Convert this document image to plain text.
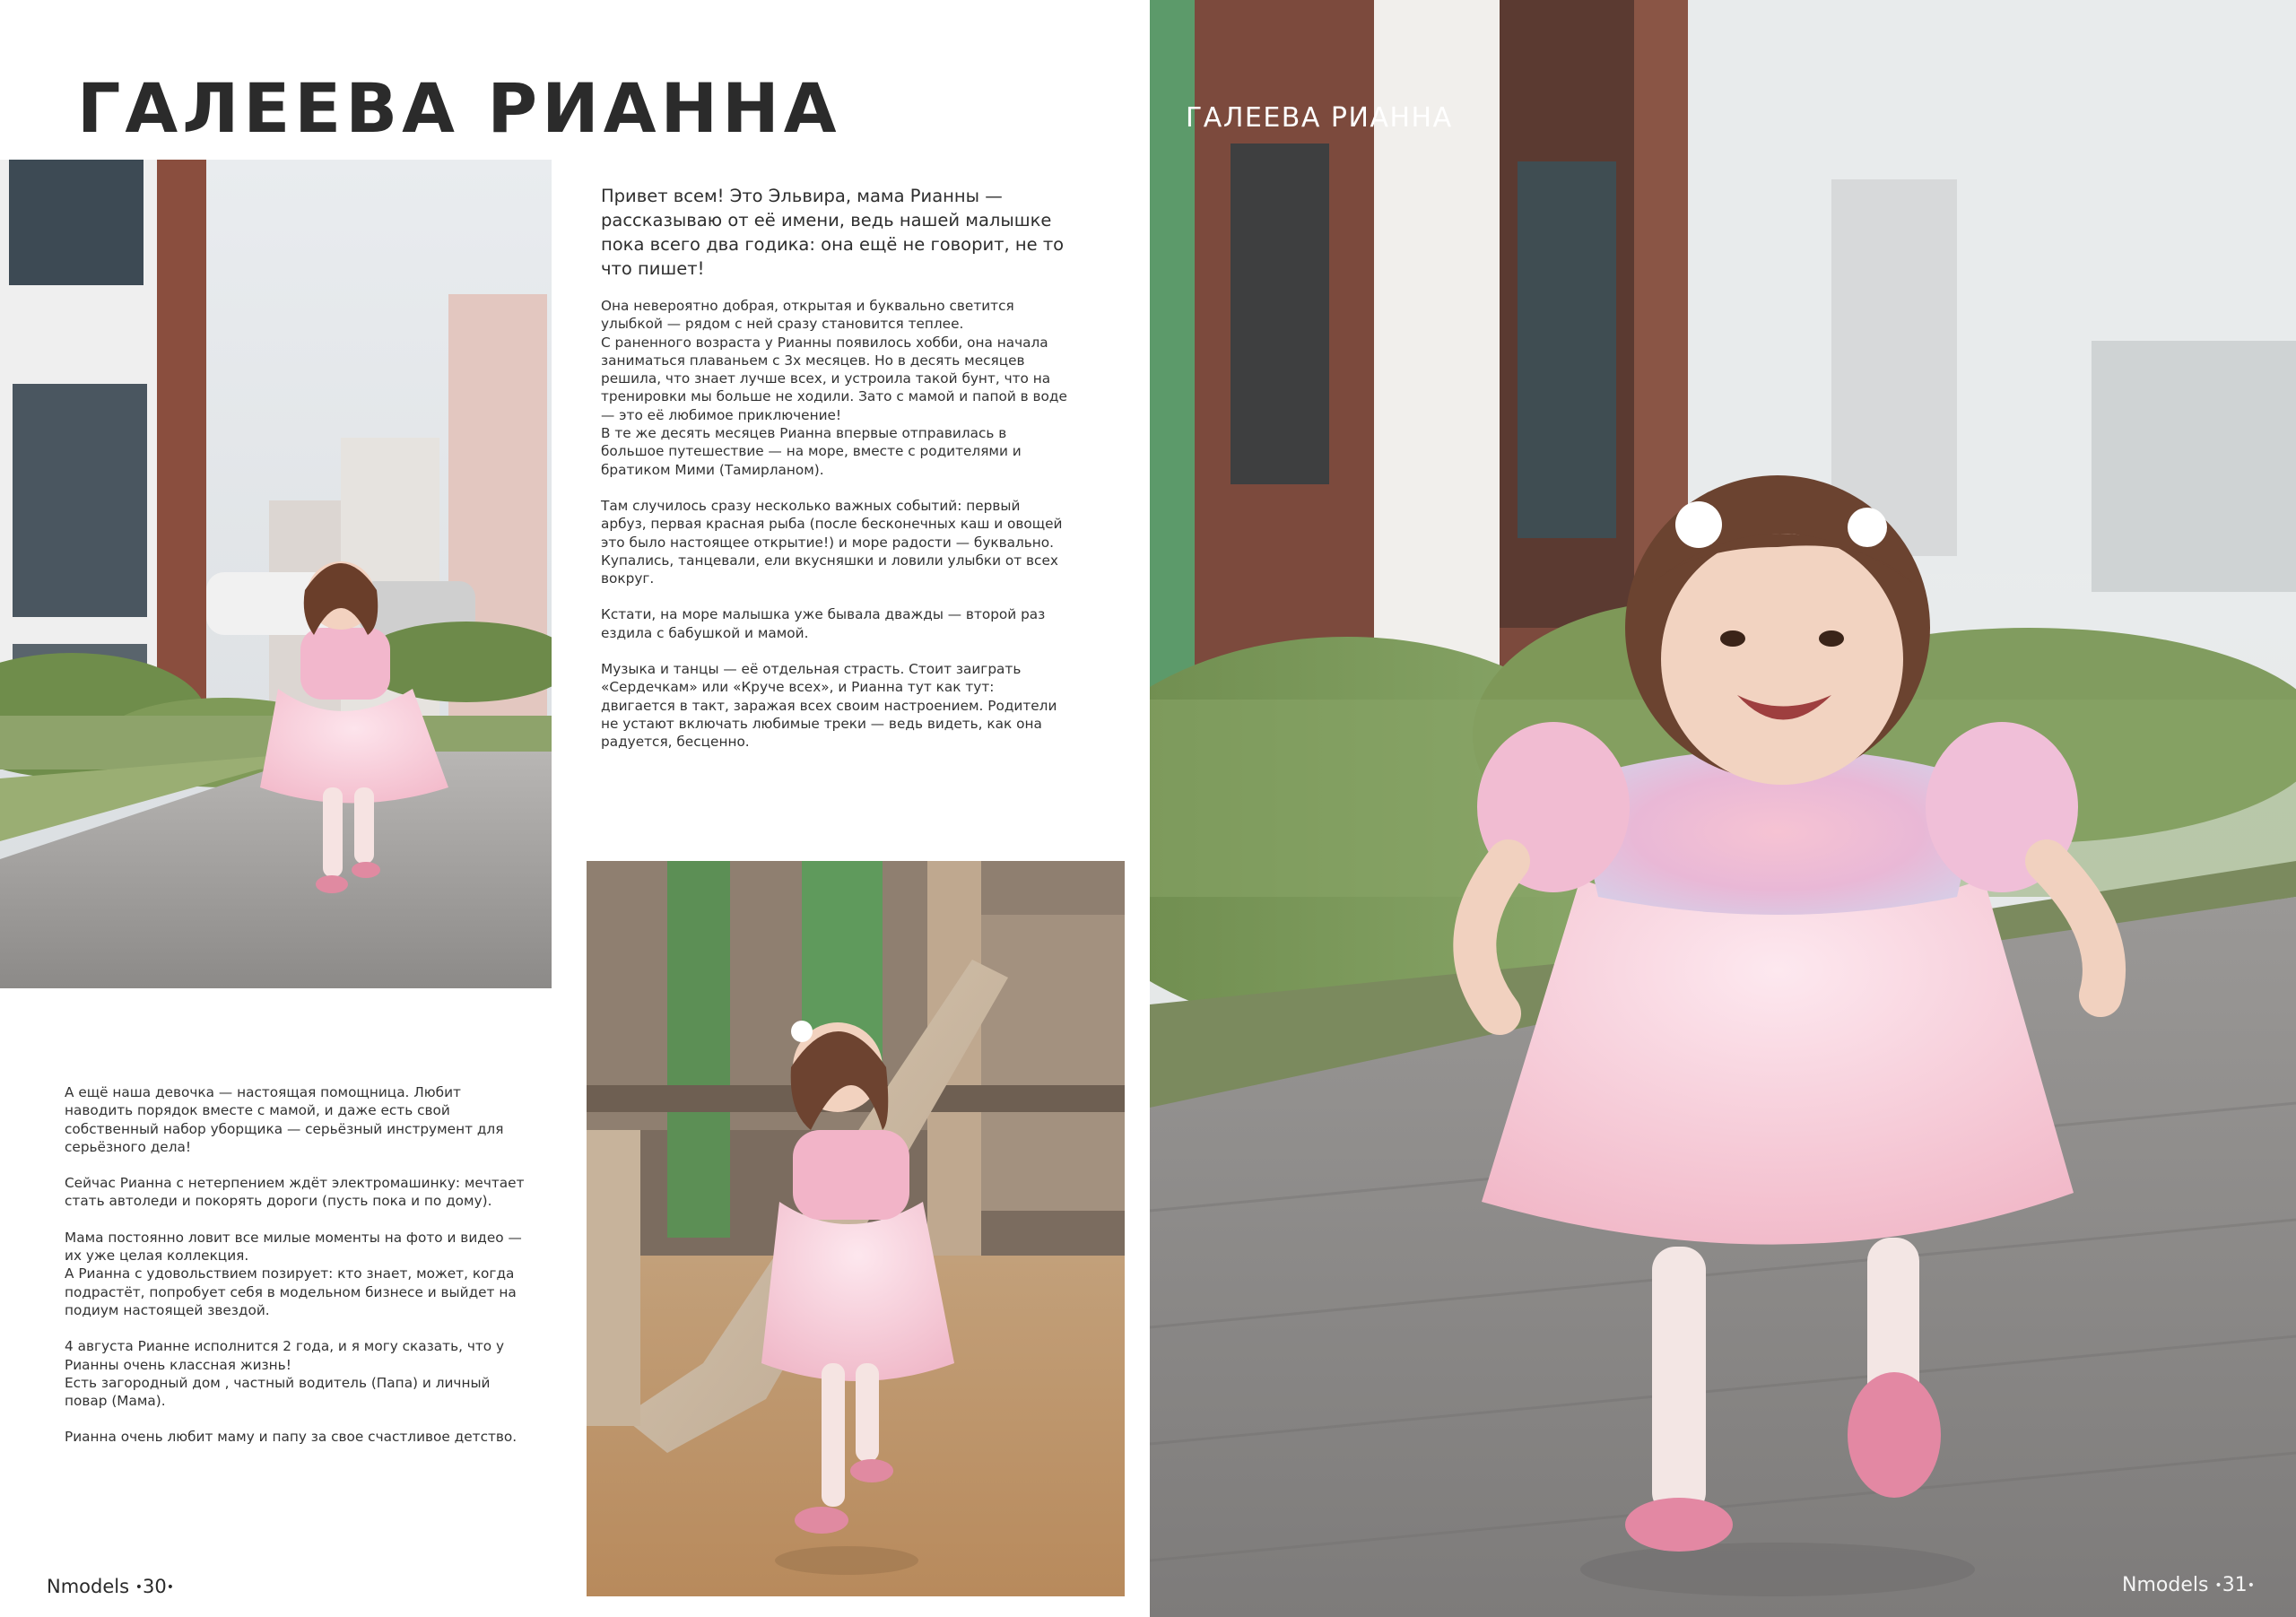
ГАЛЕЕВА РИАННА
Привет всем! Это Эльвира, мама Рианны — рассказываю от её имени, ведь нашей малышке пока всего два годика: она ещё не говорит, не то что пишет!

Она невероятно добрая, открытая и буквально светится улыбкой — рядом с ней сразу становится теплее.
С раненного возраста у Рианны появилось хобби, она начала заниматься плаваньем с 3х месяцев. Но в десять месяцев решила, что знает лучше всех, и устроила такой бунт, что на тренировки мы больше не ходили. Зато с мамой и папой в воде — это её любимое приключение!
В те же десять месяцев Рианна впервые отправилась в большое путешествие — на море, вместе с родителями и братиком Мими (Тамирланом).

Там случилось сразу несколько важных событий: первый арбуз, первая красная рыба (после бесконечных каш и овощей это было настоящее открытие!) и море радости — буквально.
Купались, танцевали, ели вкусняшки и ловили улыбки от всех вокруг.

Кстати, на море малышка уже бывала дважды — второй раз ездила с бабушкой и мамой.

Музыка и танцы — её отдельная страсть. Стоит заиграть «Сердечкам» или «Круче всех», и Рианна тут как тут: двигается в такт, заражая всех своим настроением. Родители не устают включать любимые треки — ведь видеть, как она радуется, бесценно.

А ещё наша девочка — настоящая помощница. Любит наводить порядок вместе с мамой, и даже есть свой собственный набор уборщика — серьёзный инструмент для серьёзного дела!

Сейчас Рианна с нетерпением ждёт электромашинку: мечтает стать автоледи и покорять дороги (пусть пока и по дому).

Мама постоянно ловит все милые моменты на фото и видео — их уже целая коллекция.
А Рианна с удовольствием позирует: кто знает, может, когда подрастёт, попробует себя в модельном бизнесе и выйдет на подиум настоящей звездой.

4 августа Рианне исполнится 2 года, и я могу сказать, что у Рианны очень классная жизнь!
Есть загородный дом , частный водитель (Папа) и личный повар (Мама).

Рианна очень любит маму и папу за свое счастливое детство.

Nmodels •30•
ГАЛЕЕВА РИАННА
Nmodels •31•
